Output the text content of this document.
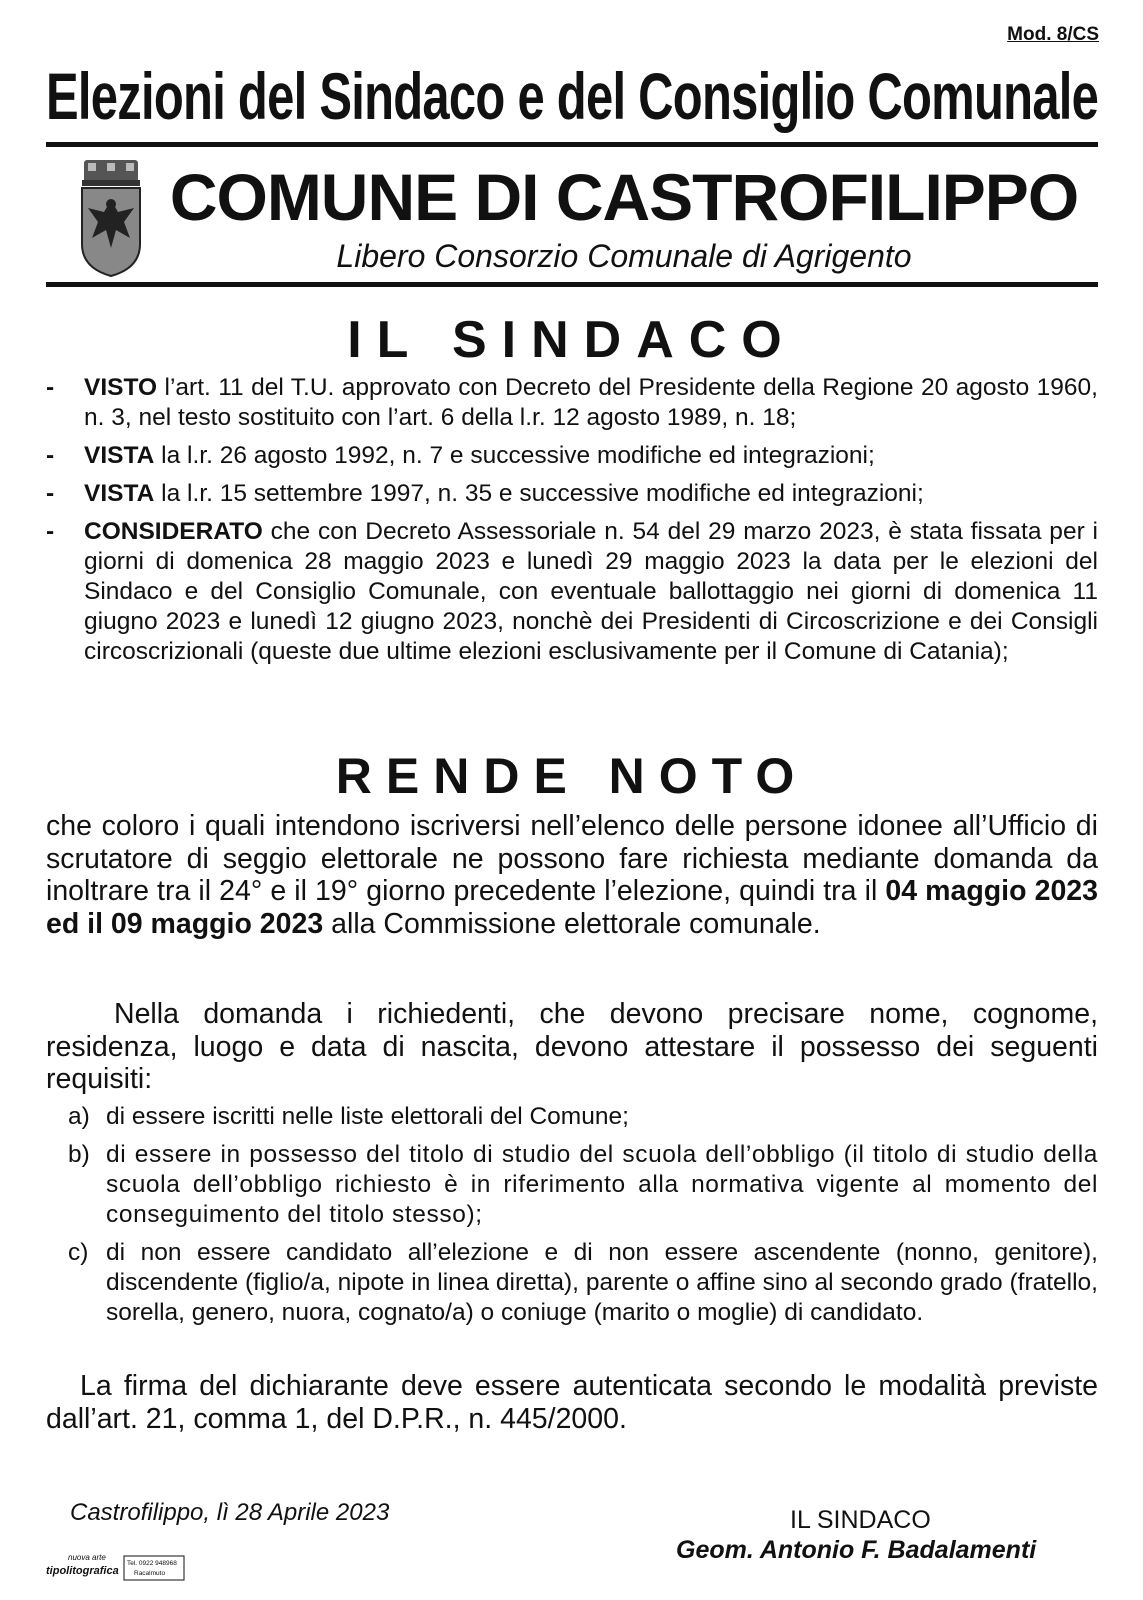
Mod. 8/CS
Elezioni del Sindaco e del Consiglio Comunale
COMUNE DI CASTROFILIPPO
Libero Consorzio Comunale di Agrigento
IL SINDACO
- VISTO l’art. 11 del T.U. approvato con Decreto del Presidente della Regione 20 agosto 1960, n. 3, nel testo sostituito con l’art. 6 della l.r. 12 agosto 1989, n. 18;
- VISTA la l.r. 26 agosto 1992, n. 7 e successive modifiche ed integrazioni;
- VISTA la l.r. 15 settembre 1997, n. 35 e successive modifiche ed integrazioni;
- CONSIDERATO che con Decreto Assessoriale n. 54 del 29 marzo 2023, è stata fissata per i giorni di domenica 28 maggio 2023 e lunedì 29 maggio 2023 la data per le elezioni del Sindaco e del Consiglio Comunale, con eventuale ballottaggio nei giorni di domenica 11 giugno 2023 e lunedì 12 giugno 2023, nonchè dei Presidenti di Circoscrizione e dei Consigli circoscrizionali (queste due ultime elezioni esclusivamente per il Comune di Catania);
RENDE NOTO
che coloro i quali intendono iscriversi nell’elenco delle persone idonee all’Ufficio di scrutatore di seggio elettorale ne possono fare richiesta mediante domanda da inoltrare tra il 24° e il 19° giorno precedente l’elezione, quindi tra il 04 maggio 2023 ed il 09 maggio 2023 alla Commissione elettorale comunale.
Nella domanda i richiedenti, che devono precisare nome, cognome, residenza, luogo e data di nascita, devono attestare il possesso dei seguenti requisiti:
a) di essere iscritti nelle liste elettorali del Comune;
b) di essere in possesso del titolo di studio del scuola dell’obbligo (il titolo di studio della scuola dell’obbligo richiesto è in riferimento alla normativa vigente al momento del conseguimento del titolo stesso);
c) di non essere candidato all’elezione e di non essere ascendente (nonno, genitore), discendente (figlio/a, nipote in linea diretta), parente o affine sino al secondo grado (fratello, sorella, genero, nuora, cognato/a) o coniuge (marito o moglie) di candidato.
La firma del dichiarante deve essere autenticata secondo le modalità previste dall’art. 21, comma 1, del D.P.R., n. 445/2000.
Castrofilippo, lì 28 Aprile 2023	IL SINDACO
Geom. Antonio F. Badalamenti
nuova arte
tipolitografica
Tel. 0922 948968
Racalmuto
